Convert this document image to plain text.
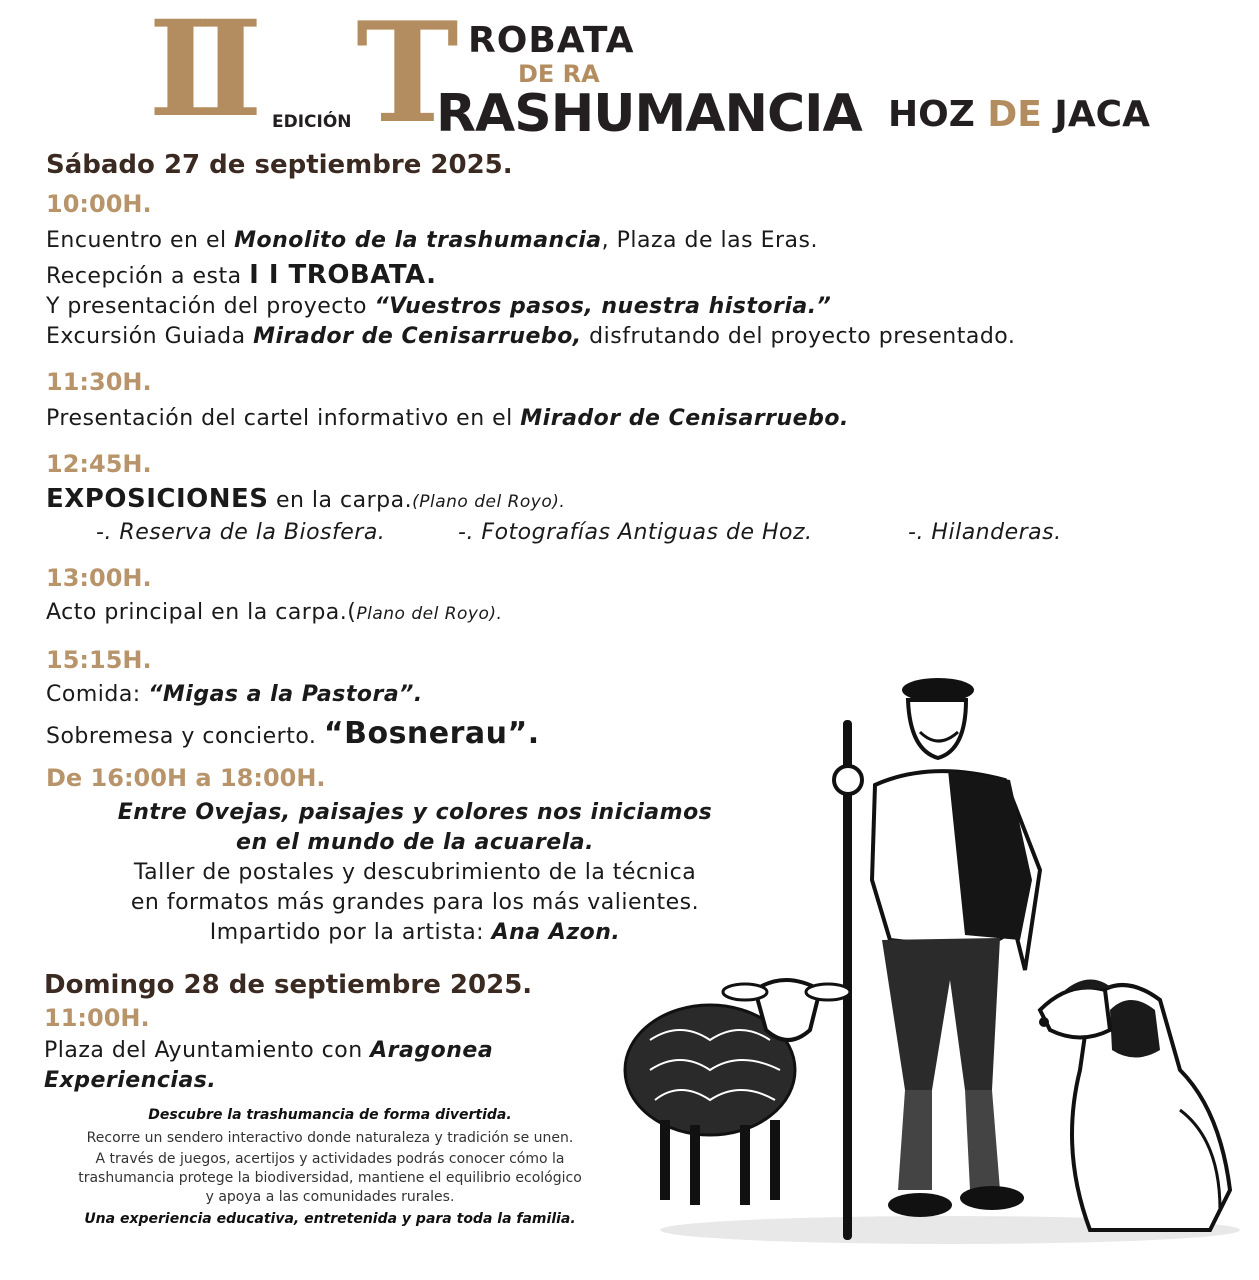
II EDICIÓN T ROBATA
DE RA
RASHUMANCIA HOZ DE JACA
Sábado 27 de septiembre 2025.
10:00H.
Encuentro en el Monolito de la trashumancia, Plaza de las Eras.
Recepción a esta I I TROBATA.
Y presentación del proyecto “Vuestros pasos, nuestra historia.”
Excursión Guiada Mirador de Cenisarruebo, disfrutando del proyecto presentado.
11:30H.
Presentación del cartel informativo en el Mirador de Cenisarruebo.
12:45H.
EXPOSICIONES en la carpa.(Plano del Royo).
-. Reserva de la Biosfera.	-. Fotografías Antiguas de Hoz.	-. Hilanderas.
13:00H.
Acto principal en la carpa.(Plano del Royo).
15:15H.
Comida: “Migas a la Pastora”.
Sobremesa y concierto. “Bosnerau”.
De 16:00H a 18:00H.
Entre Ovejas, paisajes y colores nos iniciamos
en el mundo de la acuarela.
Taller de postales y descubrimiento de la técnica
en formatos más grandes para los más valientes.
Impartido por la artista: Ana Azon.
Domingo 28 de septiembre 2025.
11:00H.
Plaza del Ayuntamiento con Aragonea
Experiencias.
Descubre la trashumancia de forma divertida.
Recorre un sendero interactivo donde naturaleza y tradición se unen.
A través de juegos, acertijos y actividades podrás conocer cómo la
trashumancia protege la biodiversidad, mantiene el equilibrio ecológico
y apoya a las comunidades rurales.
Una experiencia educativa, entretenida y para toda la familia.
